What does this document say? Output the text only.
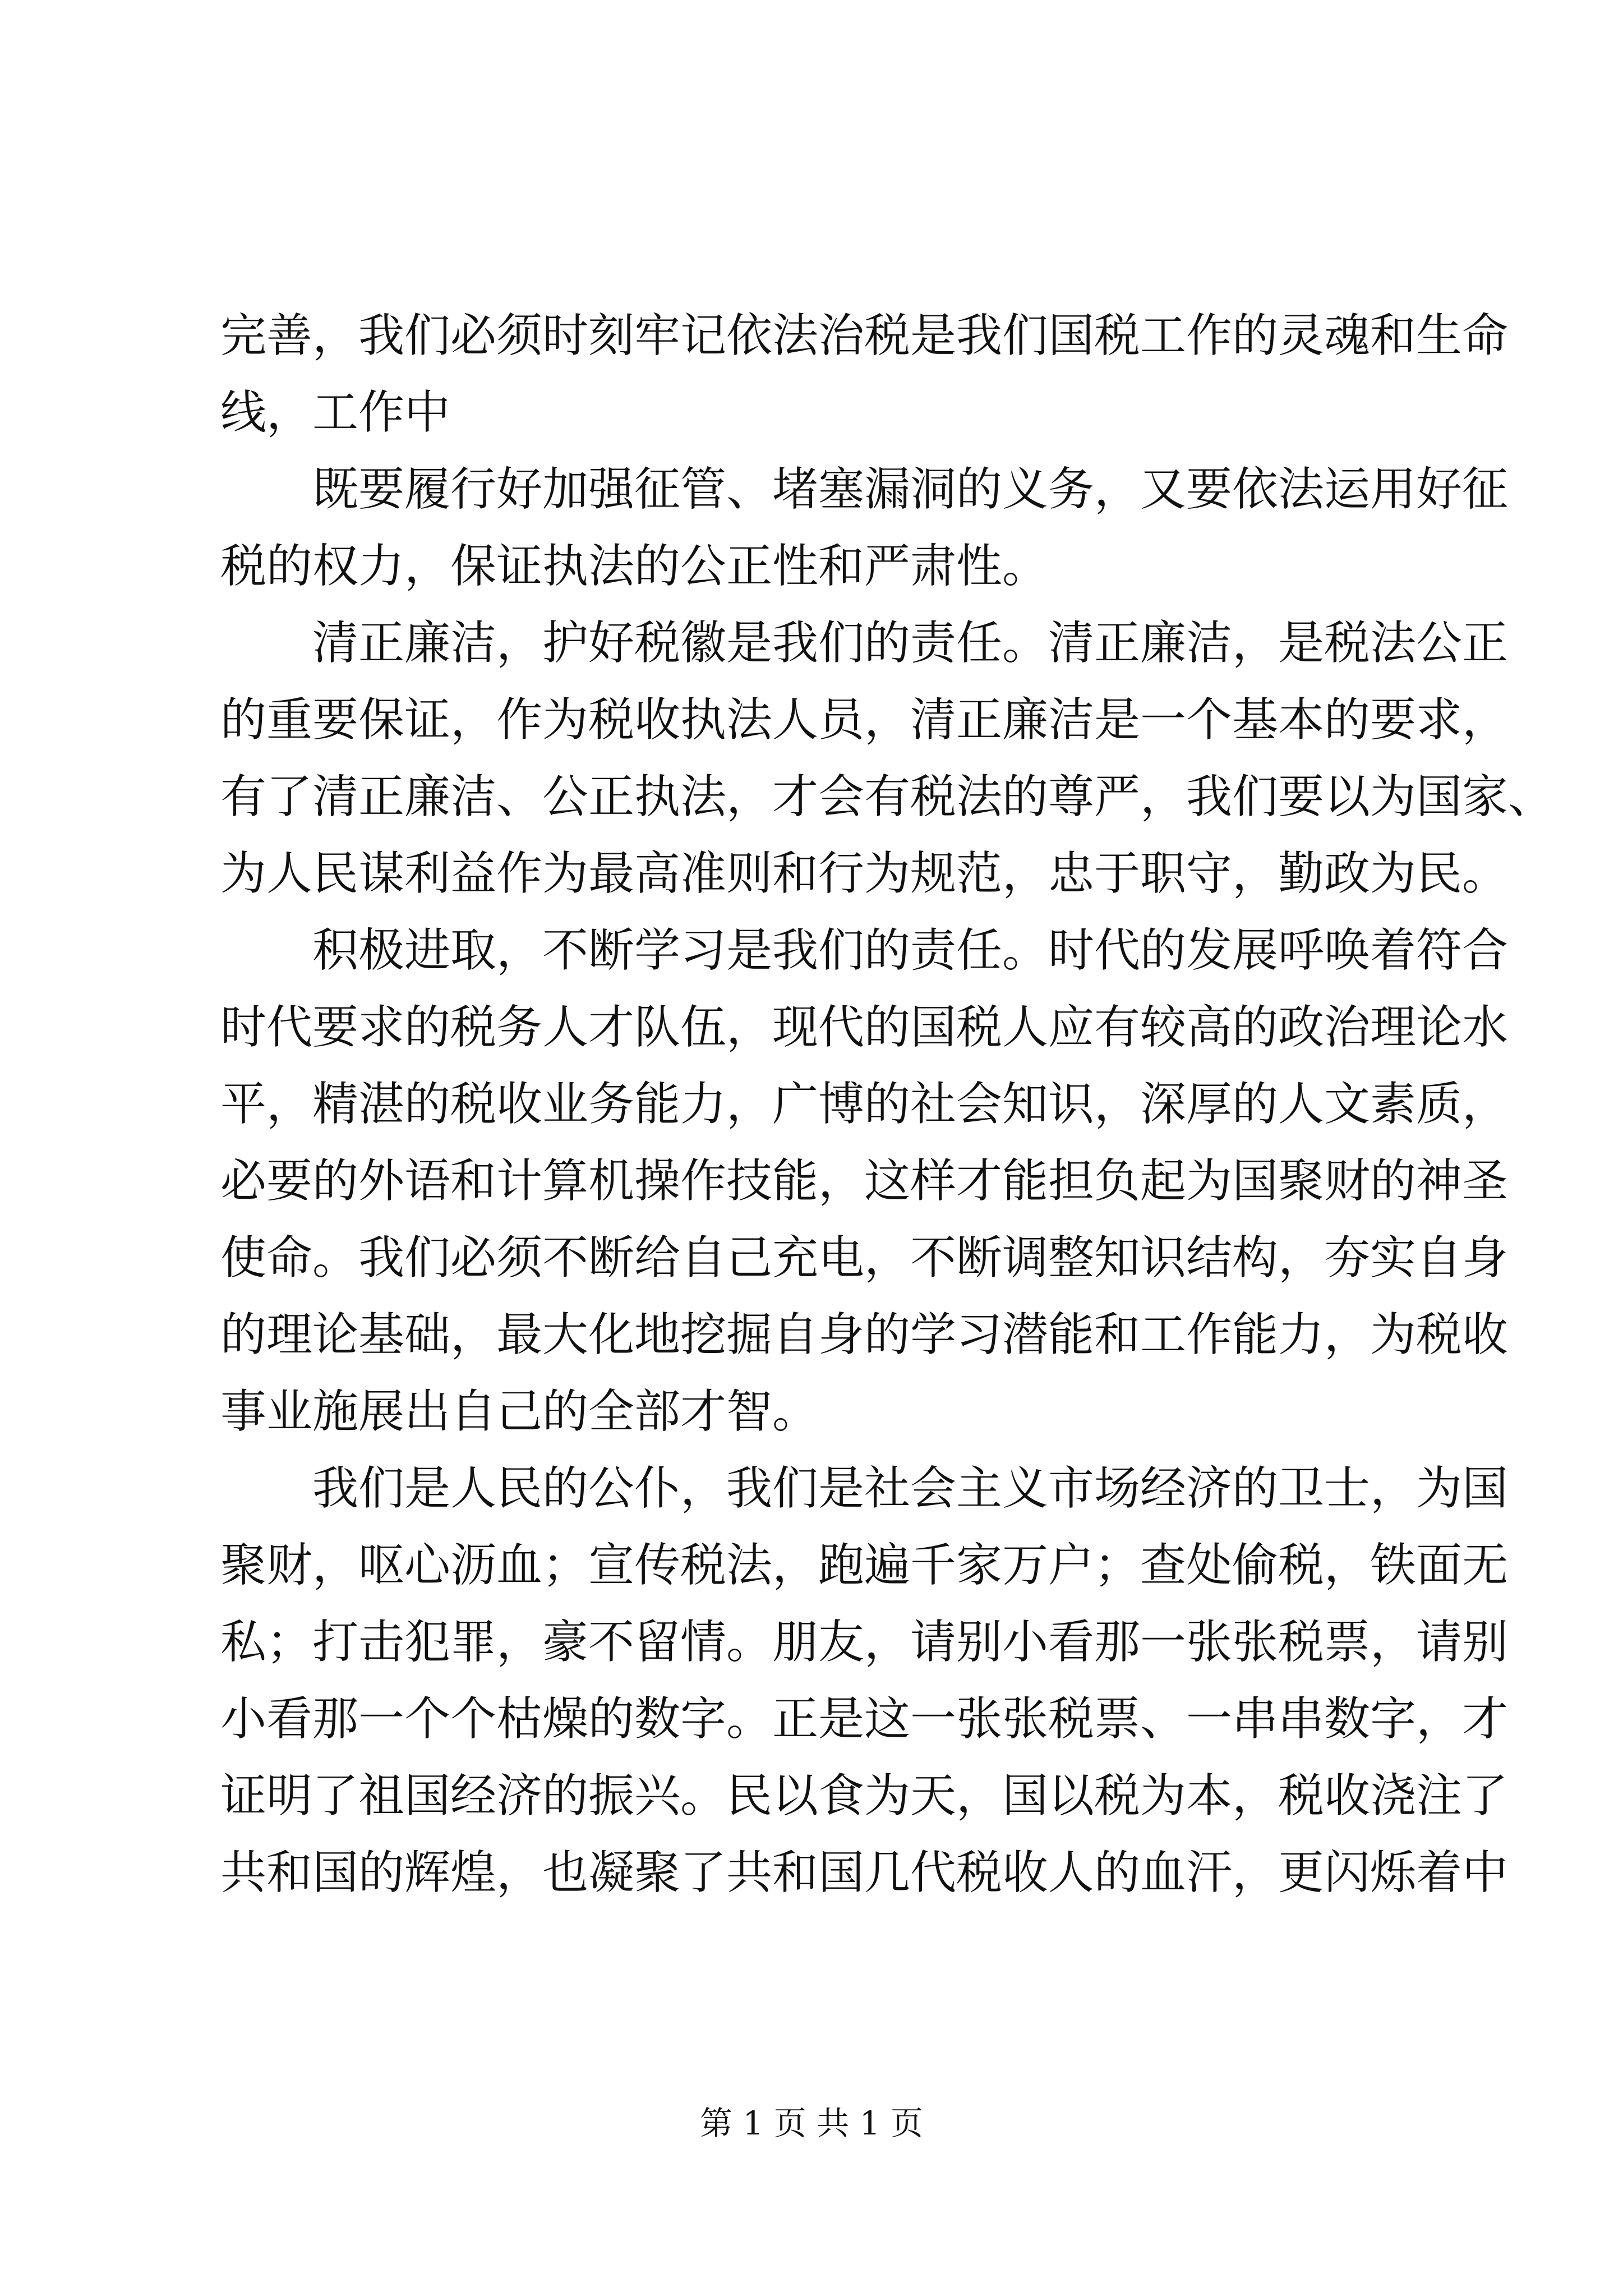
完善，我们必须时刻牢记依法治税是我们国税工作的灵魂和生命
线，工作中
既要履行好加强征管、堵塞漏洞的义务，又要依法运用好征
税的权力，保证执法的公正性和严肃性。
清正廉洁，护好税徽是我们的责任。清正廉洁，是税法公正
的重要保证，作为税收执法人员，清正廉洁是一个基本的要求，
有了清正廉洁、公正执法，才会有税法的尊严，我们要以为国家、
为人民谋利益作为最高准则和行为规范，忠于职守，勤政为民。
积极进取，不断学习是我们的责任。时代的发展呼唤着符合
时代要求的税务人才队伍，现代的国税人应有较高的政治理论水
平，精湛的税收业务能力，广博的社会知识，深厚的人文素质，
必要的外语和计算机操作技能，这样才能担负起为国聚财的神圣
使命。我们必须不断给自己充电，不断调整知识结构，夯实自身
的理论基础，最大化地挖掘自身的学习潜能和工作能力，为税收
事业施展出自己的全部才智。
我们是人民的公仆，我们是社会主义市场经济的卫士，为国
聚财，呕心沥血；宣传税法，跑遍千家万户；查处偷税，铁面无
私；打击犯罪，豪不留情。朋友，请别小看那一张张税票，请别
小看那一个个枯燥的数字。正是这一张张税票、一串串数字，才
证明了祖国经济的振兴。民以食为天，国以税为本，税收浇注了
共和国的辉煌，也凝聚了共和国几代税收人的血汗，更闪烁着中
第 1 页 共 1 页
